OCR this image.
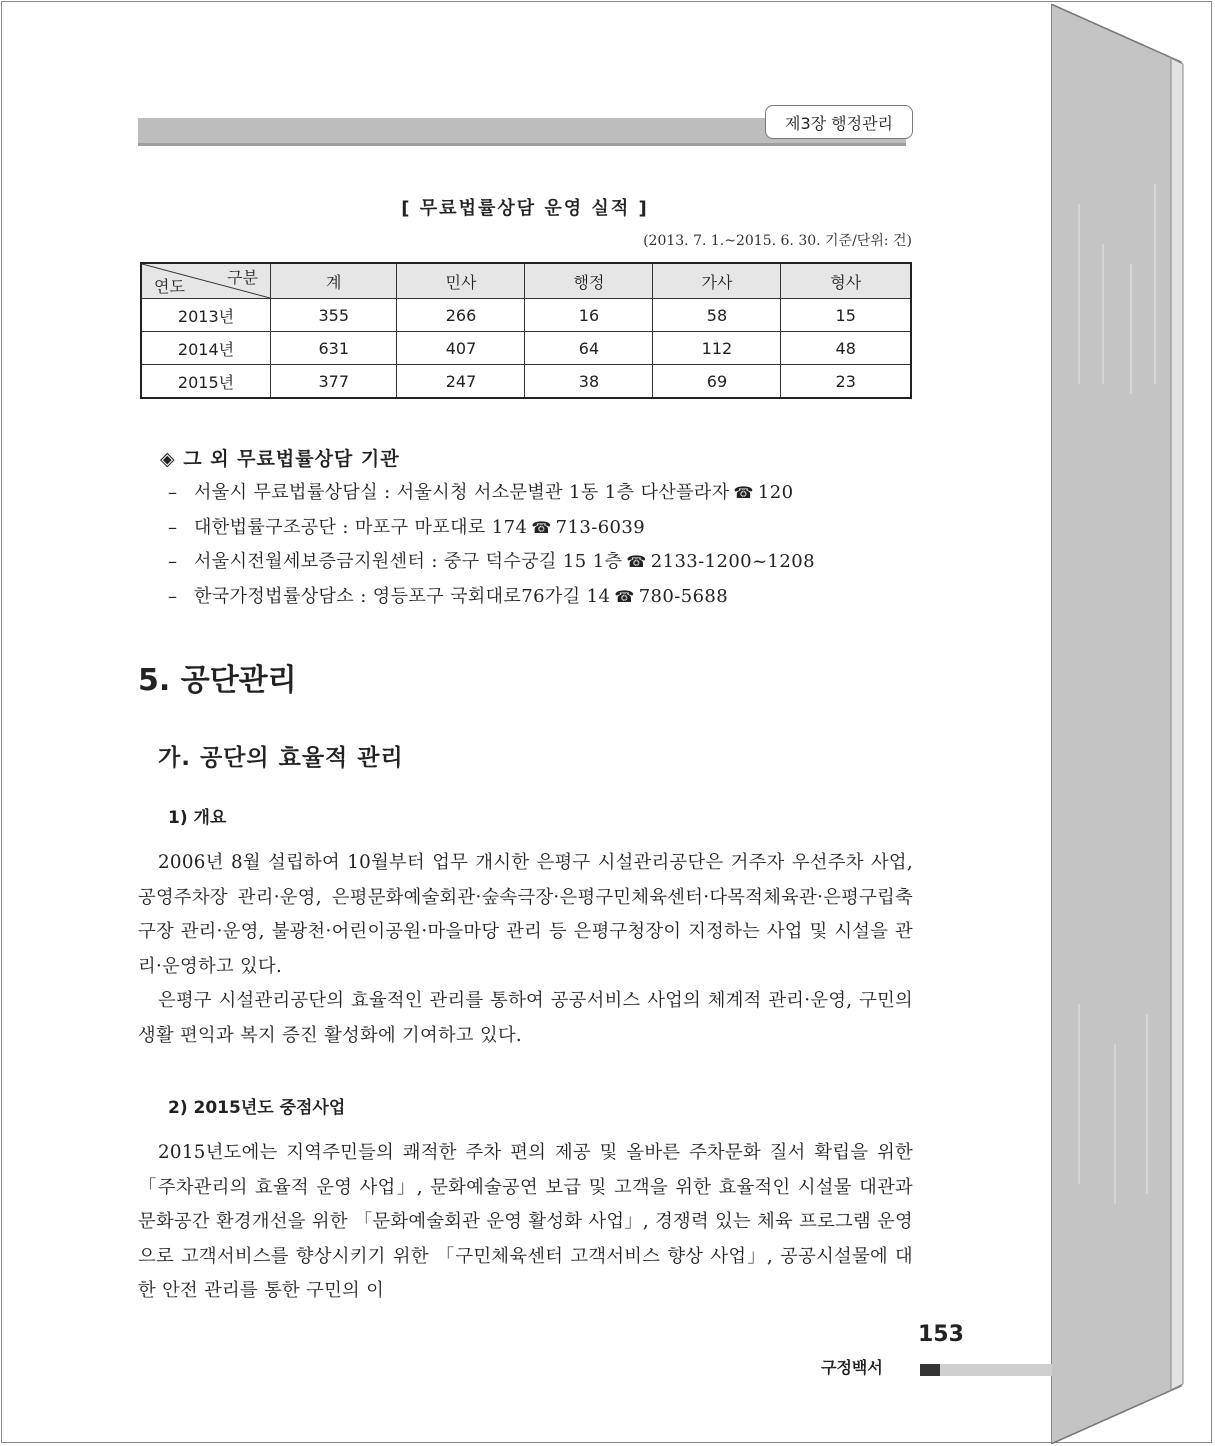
제3장 행정관리
[ 무료법률상담 운영 실적 ]
(2013. 7. 1.~2015. 6. 30. 기준/단위: 건)
구분
연도	계	민사	행정	가사	형사
2013년	355	266	16	58	15
2014년	631	407	64	112	48
2015년	377	247	38	69	23
◈ 그 외 무료법률상담 기관
– 서울시 무료법률상담실 : 서울시청 서소문별관 1동 1층 다산플라자 ☎ 120
– 대한법률구조공단 : 마포구 마포대로 174 ☎ 713-6039
– 서울시전월세보증금지원센터 : 중구 덕수궁길 15 1층 ☎ 2133-1200~1208
– 한국가정법률상담소 : 영등포구 국회대로76가길 14 ☎ 780-5688
5. 공단관리
가. 공단의 효율적 관리
1) 개요

2006년 8월 설립하여 10월부터 업무 개시한 은평구 시설관리공단은 거주자 우선주차 사업, 공영주차장 관리·운영, 은평문화예술회관·숲속극장·은평구민체육센터·다목적체육관·은평구립축구장 관리·운영, 불광천·어린이공원·마을마당 관리 등 은평구청장이 지정하는 사업 및 시설을 관리·운영하고 있다.

은평구 시설관리공단의 효율적인 관리를 통하여 공공서비스 사업의 체계적 관리·운영, 구민의 생활 편익과 복지 증진 활성화에 기여하고 있다.

2) 2015년도 중점사업

2015년도에는 지역주민들의 쾌적한 주차 편의 제공 및 올바른 주차문화 질서 확립을 위한 「주차관리의 효율적 운영 사업」, 문화예술공연 보급 및 고객을 위한 효율적인 시설물 대관과 문화공간 환경개선을 위한 「문화예술회관 운영 활성화 사업」, 경쟁력 있는 체육 프로그램 운영으로 고객서비스를 향상시키기 위한 「구민체육센터 고객서비스 향상 사업」, 공공시설물에 대한 안전 관리를 통한 구민의 이

153
구정백서
